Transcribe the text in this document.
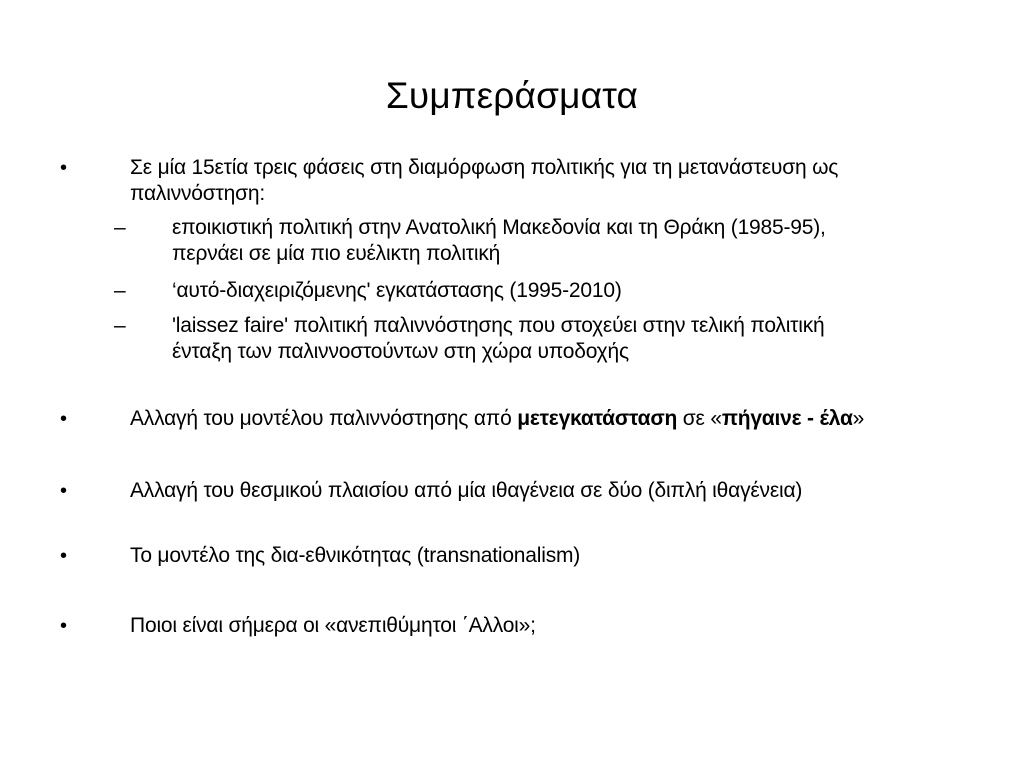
Συμπεράσματα
•	Σε μία 15ετία τρεις φάσεις στη διαμόρφωση πολιτικής για τη μετανάστευση ως
παλιννόστηση:
– εποικιστική πολιτική στην Ανατολική Μακεδονία και τη Θράκη (1985-95),
περνάει σε μία πιο ευέλικτη πολιτική
– ‘αυτό-διαχειριζόμενης' εγκατάστασης (1995-2010)
– 'laissez faire' πολιτική παλιννόστησης που στοχεύει στην τελική πολιτική
ένταξη των παλιννοστούντων στη χώρα υποδοχής
•	Αλλαγή του μοντέλου παλιννόστησης από μετεγκατάσταση σε «πήγαινε - έλα»
•	Αλλαγή του θεσμικού πλαισίου από μία ιθαγένεια σε δύο (διπλή ιθαγένεια)
•	Το μοντέλο της δια-εθνικότητας (transnationalism)
•	Ποιοι είναι σήμερα οι «ανεπιθύμητοι ΄Αλλοι»;
